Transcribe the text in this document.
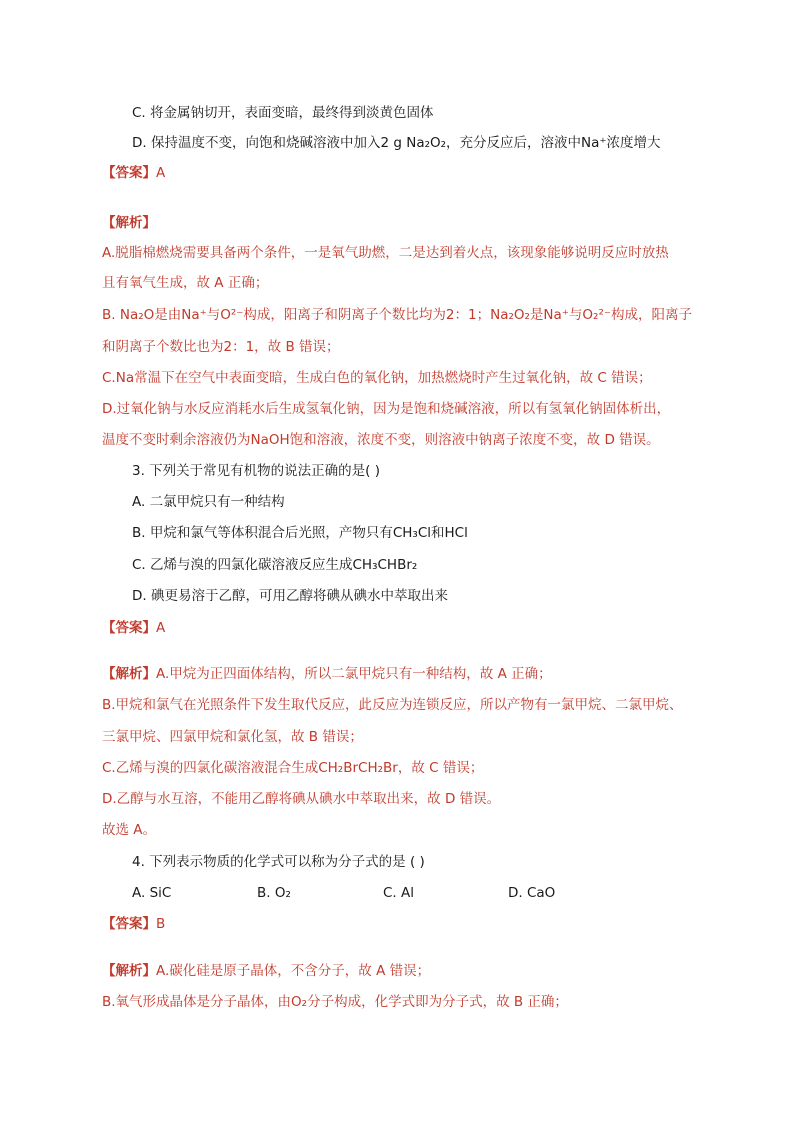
C. 将金属钠切开，表面变暗，最终得到淡黄色固体
D. 保持温度不变，向饱和烧碱溶液中加入2 g Na₂O₂，充分反应后，溶液中Na⁺浓度增大
【答案】A
【解析】
A.脱脂棉燃烧需要具备两个条件，一是氧气助燃，二是达到着火点，该现象能够说明反应时放热
且有氧气生成，故 A 正确；
B. Na₂O是由Na⁺与O²⁻构成，阳离子和阴离子个数比均为2：1；Na₂O₂是Na⁺与O₂²⁻构成，阳离子
和阴离子个数比也为2：1，故 B 错误；
C.Na常温下在空气中表面变暗，生成白色的氧化钠，加热燃烧时产生过氧化钠，故 C 错误；
D.过氧化钠与水反应消耗水后生成氢氧化钠，因为是饱和烧碱溶液，所以有氢氧化钠固体析出，
温度不变时剩余溶液仍为NaOH饱和溶液，浓度不变，则溶液中钠离子浓度不变，故 D 错误。
3. 下列关于常见有机物的说法正确的是( )
A. 二氯甲烷只有一种结构
B. 甲烷和氯气等体积混合后光照，产物只有CH₃Cl和HCl
C. 乙烯与溴的四氯化碳溶液反应生成CH₃CHBr₂
D. 碘更易溶于乙醇，可用乙醇将碘从碘水中萃取出来
【答案】A
【解析】A.甲烷为正四面体结构，所以二氯甲烷只有一种结构，故 A 正确；
B.甲烷和氯气在光照条件下发生取代反应，此反应为连锁反应，所以产物有一氯甲烷、二氯甲烷、
三氯甲烷、四氯甲烷和氯化氢，故 B 错误；
C.乙烯与溴的四氯化碳溶液混合生成CH₂BrCH₂Br，故 C 错误；
D.乙醇与水互溶，不能用乙醇将碘从碘水中萃取出来，故 D 错误。
故选 A。
4. 下列表示物质的化学式可以称为分子式的是 ( )
A. SiC	B. O₂	C. Al	D. CaO
【答案】B
【解析】A.碳化硅是原子晶体，不含分子，故 A 错误；
B.氧气形成晶体是分子晶体，由O₂分子构成，化学式即为分子式，故 B 正确；
